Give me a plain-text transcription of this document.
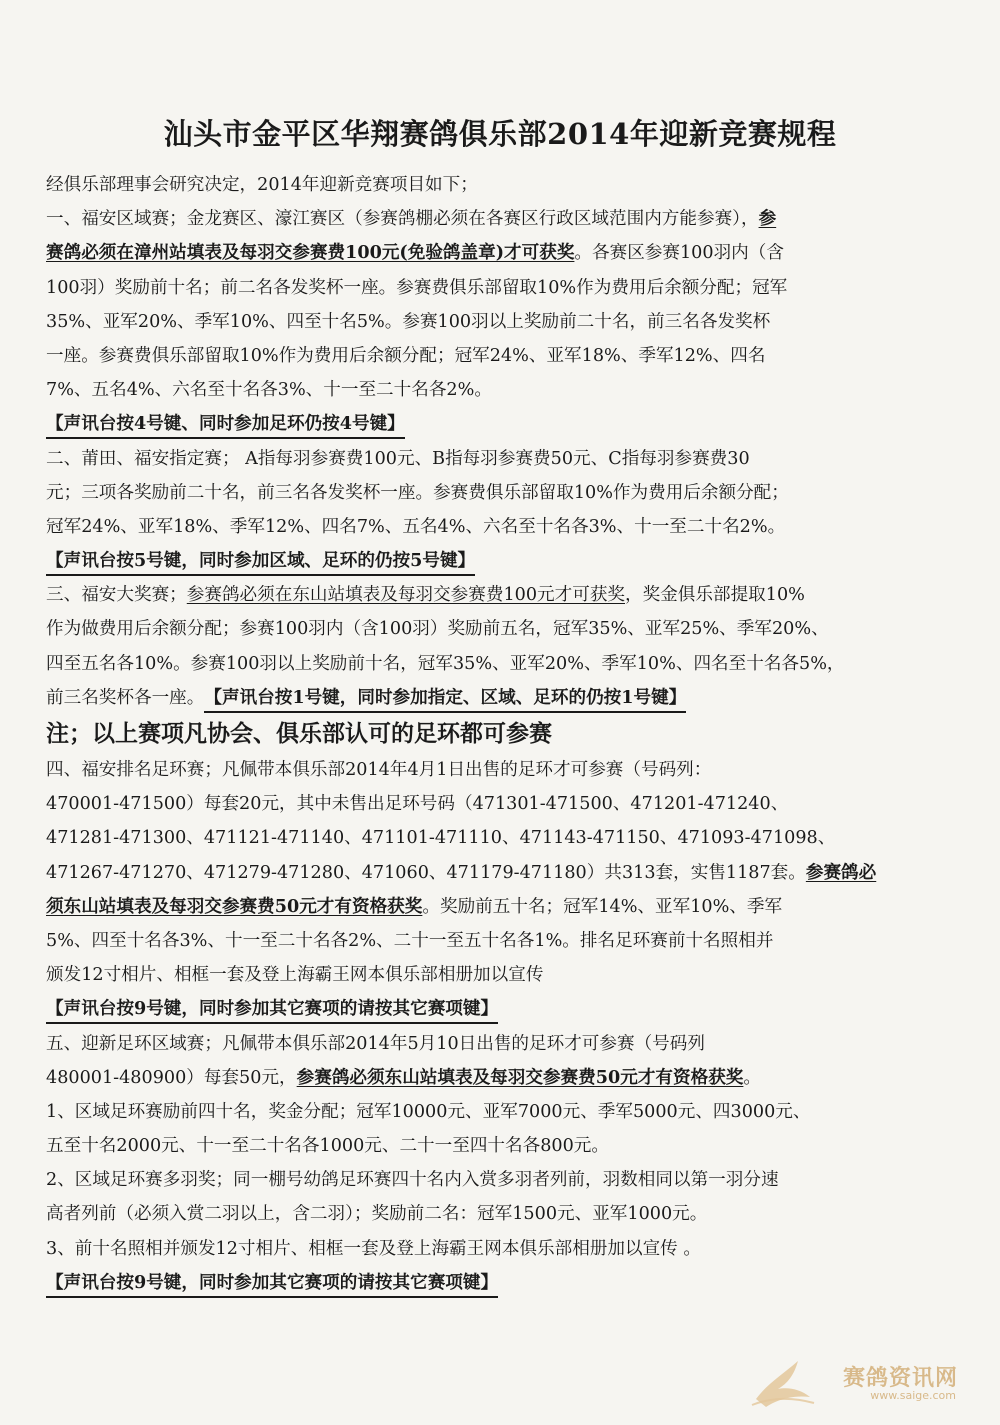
汕头市金平区华翔赛鸽俱乐部2014年迎新竞赛规程
经俱乐部理事会研究决定，2014年迎新竞赛项目如下；
一、福安区域赛；金龙赛区、濠江赛区（参赛鸽棚必须在各赛区行政区域范围内方能参赛），参
赛鸽必须在漳州站填表及每羽交参赛费100元(免验鸽盖章)才可获奖。各赛区参赛100羽内（含
100羽）奖励前十名；前二名各发奖杯一座。参赛费俱乐部留取10%作为费用后余额分配；冠军
35%、亚军20%、季军10%、四至十名5%。参赛100羽以上奖励前二十名，前三名各发奖杯
一座。参赛费俱乐部留取10%作为费用后余额分配；冠军24%、亚军18%、季军12%、四名
7%、五名4%、六名至十名各3%、十一至二十名各2%。
【声讯台按4号键、同时参加足环仍按4号键】
二、莆田、福安指定赛； A指每羽参赛费100元、B指每羽参赛费50元、C指每羽参赛费30
元；三项各奖励前二十名，前三名各发奖杯一座。参赛费俱乐部留取10%作为费用后余额分配；
冠军24%、亚军18%、季军12%、四名7%、五名4%、六名至十名各3%、十一至二十名2%。
【声讯台按5号键，同时参加区域、足环的仍按5号键】
三、福安大奖赛；参赛鸽必须在东山站填表及每羽交参赛费100元才可获奖，奖金俱乐部提取10%
作为做费用后余额分配；参赛100羽内（含100羽）奖励前五名，冠军35%、亚军25%、季军20%、
四至五名各10%。参赛100羽以上奖励前十名，冠军35%、亚军20%、季军10%、四名至十名各5%，
前三名奖杯各一座。【声讯台按1号键，同时参加指定、区域、足环的仍按1号键】
注；以上赛项凡协会、俱乐部认可的足环都可参赛
四、福安排名足环赛；凡佩带本俱乐部2014年4月1日出售的足环才可参赛（号码列：
470001-471500）每套20元，其中未售出足环号码（471301-471500、471201-471240、
471281-471300、471121-471140、471101-471110、471143-471150、471093-471098、
471267-471270、471279-471280、471060、471179-471180）共313套，实售1187套。参赛鸽必
须东山站填表及每羽交参赛费50元才有资格获奖。奖励前五十名；冠军14%、亚军10%、季军
5%、四至十名各3%、十一至二十名各2%、二十一至五十名各1%。排名足环赛前十名照相并
颁发12寸相片、相框一套及登上海霸王网本俱乐部相册加以宣传
【声讯台按9号键，同时参加其它赛项的请按其它赛项键】
五、迎新足环区域赛；凡佩带本俱乐部2014年5月10日出售的足环才可参赛（号码列
480001-480900）每套50元，参赛鸽必须东山站填表及每羽交参赛费50元才有资格获奖。
1、区域足环赛励前四十名，奖金分配；冠军10000元、亚军7000元、季军5000元、四3000元、
五至十名2000元、十一至二十名各1000元、二十一至四十名各800元。
2、区域足环赛多羽奖；同一棚号幼鸽足环赛四十名内入赏多羽者列前，羽数相同以第一羽分速
高者列前（必须入赏二羽以上，含二羽）；奖励前二名：冠军1500元、亚军1000元。
3、前十名照相并颁发12寸相片、相框一套及登上海霸王网本俱乐部相册加以宣传 。
【声讯台按9号键，同时参加其它赛项的请按其它赛项键】
赛鸽资讯网
www.saige.com
